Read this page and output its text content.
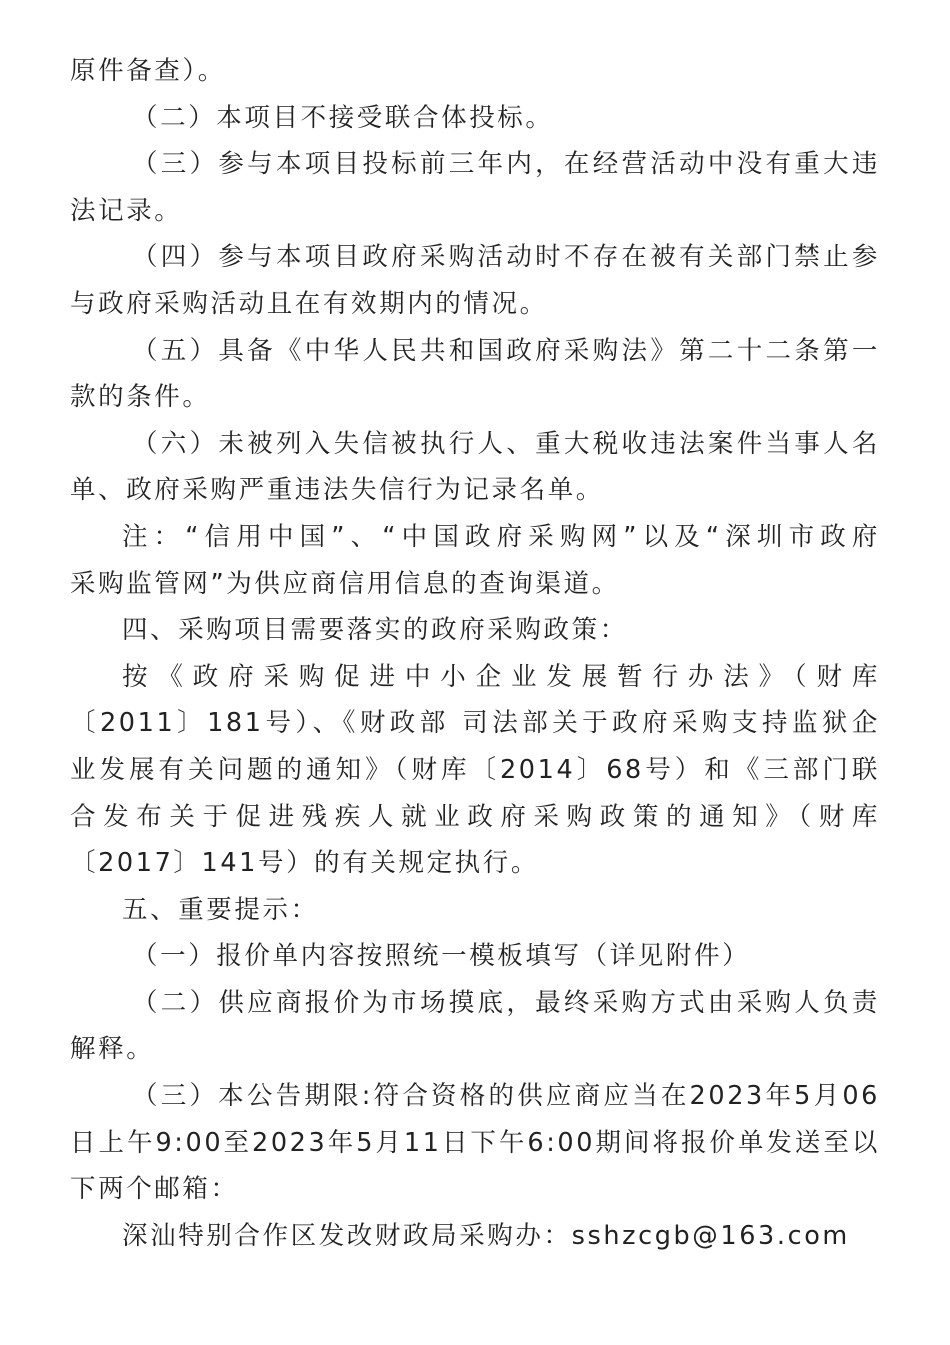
原件备查）。
（二）本项目不接受联合体投标。
（三）参与本项目投标前三年内，在经营活动中没有重大违
法记录。
（四）参与本项目政府采购活动时不存在被有关部门禁止参
与政府采购活动且在有效期内的情况。
（五）具备《中华人民共和国政府采购法》第二十二条第一
款的条件。
（六）未被列入失信被执行人、重大税收违法案件当事人名
单、政府采购严重违法失信行为记录名单。
注：“信用中国”、“中国政府采购网”以及“深圳市政府
采购监管网”为供应商信用信息的查询渠道。
四、采购项目需要落实的政府采购政策：
按《政府采购促进中小企业发展暂行办法》（财库
〔2011〕181号）、《财政部 司法部关于政府采购支持监狱企
业发展有关问题的通知》（财库〔2014〕68号）和《三部门联
合发布关于促进残疾人就业政府采购政策的通知》（财库
〔2017〕141号）的有关规定执行。
五、重要提示：
（一）报价单内容按照统一模板填写（详见附件）
（二）供应商报价为市场摸底，最终采购方式由采购人负责
解释。
（三）本公告期限:符合资格的供应商应当在2023年5月06
日上午9:00至2023年5月11日下午6:00期间将报价单发送至以
下两个邮箱：
深汕特别合作区发改财政局采购办：sshzcgb@163.com
